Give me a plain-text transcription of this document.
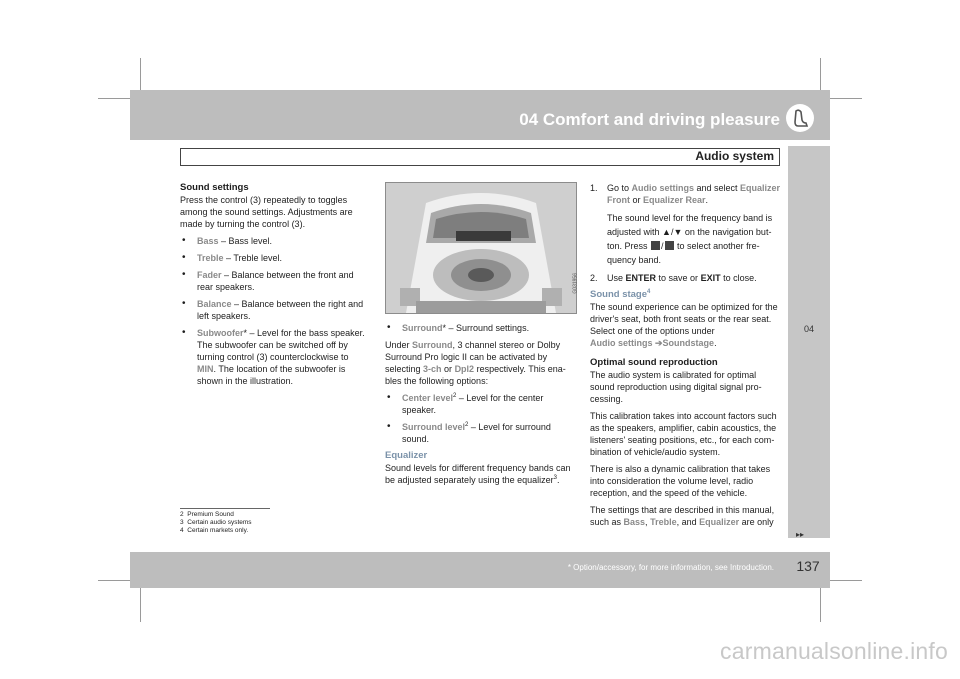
04 Comfort and driving pleasure
Audio system
04
Sound settings

Press the control (3) repeatedly to toggles among the sound settings. Adjustments are made by turning the control (3).

• Bass – Bass level.
• Treble – Treble level.
• Fader – Balance between the front and rear speakers.
• Balance – Balance between the right and left speakers.
• Subwoofer* – Level for the bass speaker. The subwoofer can be switched off by turning control (3) counterclockwise to MIN. The location of the subwoofer is shown in the illustration.
G031956
• Surround* – Surround settings.

Under Surround, 3 channel stereo or Dolby Surround Pro logic II can be activated by selecting 3-ch or Dpl2 respectively. This enables the following options:

• Center level$^2$ – Level for the center speaker.
• Surround level$^2$ – Level for surround sound.
Equalizer

Sound levels for different frequency bands can be adjusted separately using the equalizer$^3$.

1. Go to Audio settings and select Equalizer Front or Equalizer Rear.
The sound level for the frequency band is adjusted with ▲/▼ on the navigation button. Press / to select another frequency band.
2. Use ENTER to save or EXIT to close.
Sound stage$^4$

The sound experience can be optimized for the driver's seat, both front seats or the rear seat. Select one of the options under
Audio settings ➔Soundstage.

Optimal sound reproduction

The audio system is calibrated for optimal sound reproduction using digital signal processing.

This calibration takes into account factors such as the speakers, amplifier, cabin acoustics, the listeners' seating positions, etc., for each combination of vehicle/audio system.

There is also a dynamic calibration that takes into consideration the volume level, radio reception, and the speed of the vehicle.

The settings that are described in this manual, such as Bass, Treble, and Equalizer are only

2 Premium Sound
3 Certain audio systems
4 Certain markets only.	▸▸
* Option/accessory, for more information, see Introduction.	137
carmanualsonline.info
